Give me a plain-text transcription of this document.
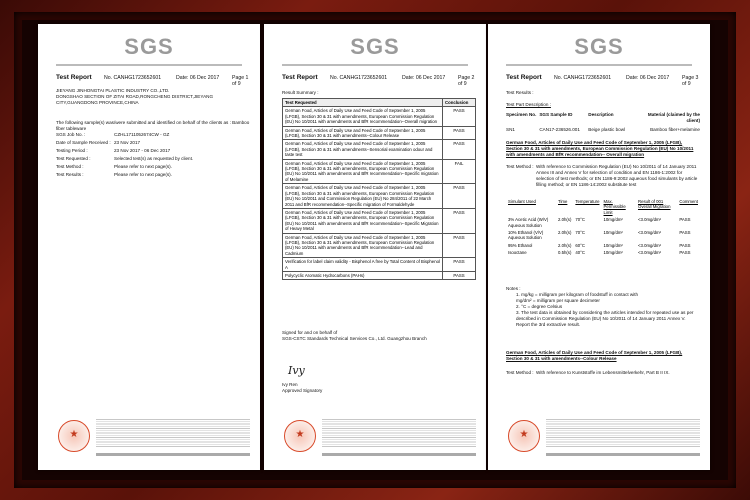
SGS
Test Report	No. CANHG1723652601	Date: 06 Dec 2017 Page 1 of 9
JIEYANG JINHONGTAI PLASTIC INDUSTRY CO.,LTD.
DONGSHAO SECTION OF ZITAI ROAD,RONGCHENG DISTRICT,JIEYANG CITY,GUANGDONG PROVINCE,CHINA
The following sample(s) was/were submitted and identified on behalf of the clients as : Bamboo fiber tableware
SGS Job No. :	CZHL1711052674CW - GZ
Date of Sample Received : 23 Nov 2017
Testing Period :	23 Nov 2017 - 06 Dec 2017
Test Requested :	Selected test(s) as requested by client.
Test Method :	Please refer to next page(s).
Test Results :	Please refer to next page(s).
★
SGS
Test Report	No. CANHG1723652601	Date: 06 Dec 2017 Page 2 of 9
Result Summary :
Test Requested	Conclusion
German Food, Articles of Daily Use and Feed Code of September 1, 2005 (LFGB), Section 30 & 31 with amendments, European Commission Regulation (EU) No 10/2011 with amendments and BfR recommendation--Overall migration	PASS
German Food, Articles of Daily Use and Feed Code of September 1, 2005 (LFGB), Section 30 & 31 with amendments--Colour Release	PASS
German Food, Articles of Daily Use and Feed Code of September 1, 2005 (LFGB), Section 30 & 31 with amendments--Sensorial examination odour and taste test	PASS
German Food, Articles of Daily Use and Feed Code of September 1, 2005 (LFGB), Section 30 & 31 with amendments, European Commission Regulation (EU) No 10/2011 with amendments and BfR recommendation--Specific migration of Melamine	FAIL
German Food, Articles of Daily Use and Feed Code of September 1, 2005 (LFGB), Section 30 & 31 with amendments, European Commission Regulation (EU) No 10/2011 and Commission Regulation (EU) No 284/2011 of 22 March 2011 and BfR recommendation--Specific migration of Formaldehyde	PASS
German Food, Articles of Daily Use and Feed Code of September 1, 2005 (LFGB), Section 30 & 31 with amendments, European Commission Regulation (EU) No 10/2011 with amendments and BfR recommendation--Specific Migration of Heavy Metal	PASS
German Food, Articles of Daily Use and Feed Code of September 1, 2005 (LFGB), Section 30 & 31 with amendments, European Commission Regulation (EU) No 10/2011 with amendments and BfR recommendation--Lead and Cadmium	PASS
Verification for label claim validity - Bisphenol A free by Total Content of Bisphenol A	PASS
Polycyclic Aromatic Hydrocarbons (PAHs)	PASS
Signed for and on behalf of
SGS-CSTC Standards Technical Services Co., Ltd. Guangzhou Branch
⁠Ivy
Ivy Ren
Approved Signatory
★
SGS
Test Report	No. CANHG1723652601	Date: 06 Dec 2017 Page 3 of 9
Test Results :
Test Part Description :
Specimen No. SGS Sample ID	Description	Material (claimed by the client)
SN1	CAN17-236526.001	Beige plastic bowl	Bamboo fiber+melamine
German Food, Articles of Daily Use and Feed Code of September 1, 2005 (LFGB), Section 30 & 31 with amendments, European Commission Regulation (EU) No 10/2011 with amendments and BfR recommendation-- Overall migration
Test Method : With reference to Commission Regulation (EU) No 10/2011 of 14 January 2011 Annex III and Annex V for selection of condition and EN 1186-1:2002 for selection of test methods; or EN 1186-9:2002 aqueous food simulants by article filling method; or EN 1186-14:2002 substitute test
Simulant Used	Time	Temperature	Max. Permissible Limit	Result of 001 Overall Migration	Comment
3% Acetic Acid (W/V) Aqueous Solution	2.0h(s)	70°C	10mg/dm²	<3.0mg/dm²	PASS
10% Ethanol (V/V) Aqueous Solution	2.0h(s)	70°C	10mg/dm²	<3.0mg/dm²	PASS
95% Ethanol	2.0h(s)	60°C	10mg/dm²	<3.0mg/dm²	PASS
Isooctane	0.5h(s)	40°C	10mg/dm²	<3.0mg/dm²	PASS
Notes :
1. mg/kg = milligram per kilogram of foodstuff in contact with
mg/dm² = milligram per square decimeter
2. °C = degree Celsius
3. The test data is obtained by considering the articles intended for repeated use as per described in Commission Regulation (EU) No 10/2011 of 14 January 2011 Annex V. Report the 3rd extractive result.
German Food, Articles of Daily Use and Feed Code of September 1, 2005 (LFGB), Section 30 & 31 with amendments--Colour Release
Test Method : With reference to Kunststoffe im Lebensmittelverkehr, Part B II IX.
★
